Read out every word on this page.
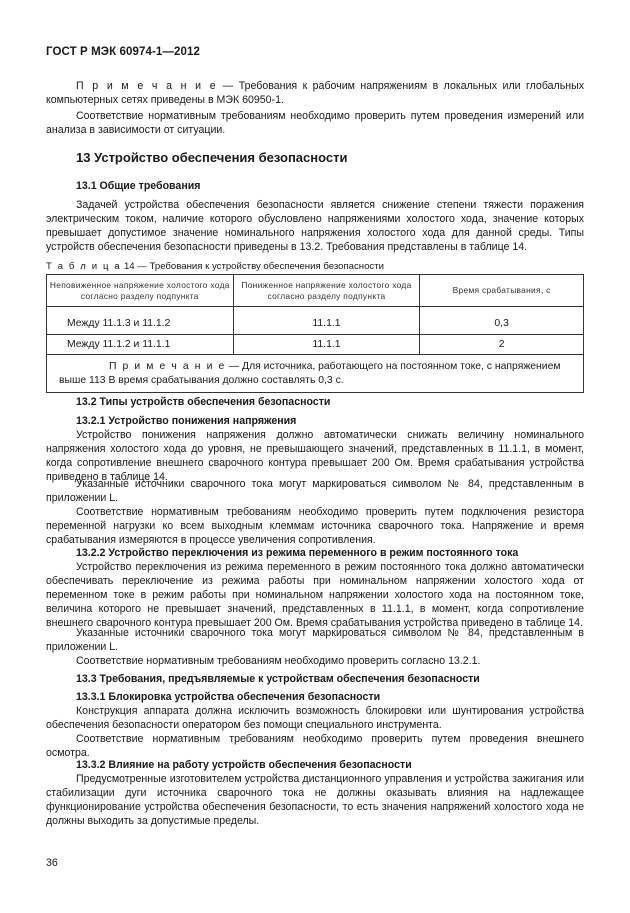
ГОСТ Р МЭК 60974-1—2012

П р и м е ч а н и е — Требования к рабочим напряжениям в локальных или глобальных компьютерных сетях приведены в МЭК 60950-1.

Соответствие нормативным требованиям необходимо проверить путем проведения измерений или анализа в зависимости от ситуации.

13 Устройство обеспечения безопасности
13.1 Общие требования

Задачей устройства обеспечения безопасности является снижение степени тяжести поражения электрическим током, наличие которого обусловлено напряжениями холостого хода, значение которых превышает допустимое значение номинального напряжения холостого хода для данной среды. Типы устройств обеспечения безопасности приведены в 13.2. Требования представлены в таблице 14.

Т а б л и ц а 14 — Требования к устройству обеспечения безопасности
Неповиженное напряжение холостого хода согласно разделу подпункта	Пониженное напряжение холостого хода согласно разделу подпункта	Время срабатывания, с

Между 11.1.3 и 11.1.2	11.1.1	0,3
Между 11.1.2 и 11.1.1	11.1.1	2
П р и м е ч а н и е — Для источника, работающего на постоянном токе, с напряжением выше 113 В время срабатывания должно составлять 0,3 с.		
13.2 Типы устройств обеспечения безопасности
13.2.1 Устройство понижения напряжения

Устройство понижения напряжения должно автоматически снижать величину номинального напряжения холостого хода до уровня, не превышающего значений, представленных в 11.1.1, в момент, когда сопротивление внешнего сварочного контура превышает 200 Ом. Время срабатывания устройства приведено в таблице 14.

Указанные источники сварочного тока могут маркироваться символом № 84, представленным в приложении L.

Соответствие нормативным требованиям необходимо проверить путем подключения резистора переменной нагрузки ко всем выходным клеммам источника сварочного тока. Напряжение и время срабатывания измеряются в процессе увеличения сопротивления.

13.2.2 Устройство переключения из режима переменного в режим постоянного тока

Устройство переключения из режима переменного в режим постоянного тока должно автоматически обеспечивать переключение из режима работы при номинальном напряжении холостого хода от переменном токе в режим работы при номинальном напряжении холостого хода на постоянном токе, величина которого не превышает значений, представленных в 11.1.1, в момент, когда сопротивление внешнего сварочного контура превышает 200 Ом. Время срабатывания устройства приведено в таблице 14.

Указанные источники сварочного тока могут маркироваться символом № 84, представленным в приложении L.

Соответствие нормативным требованиям необходимо проверить согласно 13.2.1.

13.3 Требования, предъявляемые к устройствам обеспечения безопасности
13.3.1 Блокировка устройства обеспечения безопасности

Конструкция аппарата должна исключить возможность блокировки или шунтирования устройства обеспечения безопасности оператором без помощи специального инструмента.

Соответствие нормативным требованиям необходимо проверить путем проведения внешнего осмотра.

13.3.2 Влияние на работу устройств обеспечения безопасности

Предусмотренные изготовителем устройства дистанционного управления и устройства зажигания или стабилизации дуги источника сварочного тока не должны оказывать влияния на надлежащее функционирование устройства обеспечения безопасности, то есть значения напряжений холостого хода не должны выходить за допустимые пределы.

36
